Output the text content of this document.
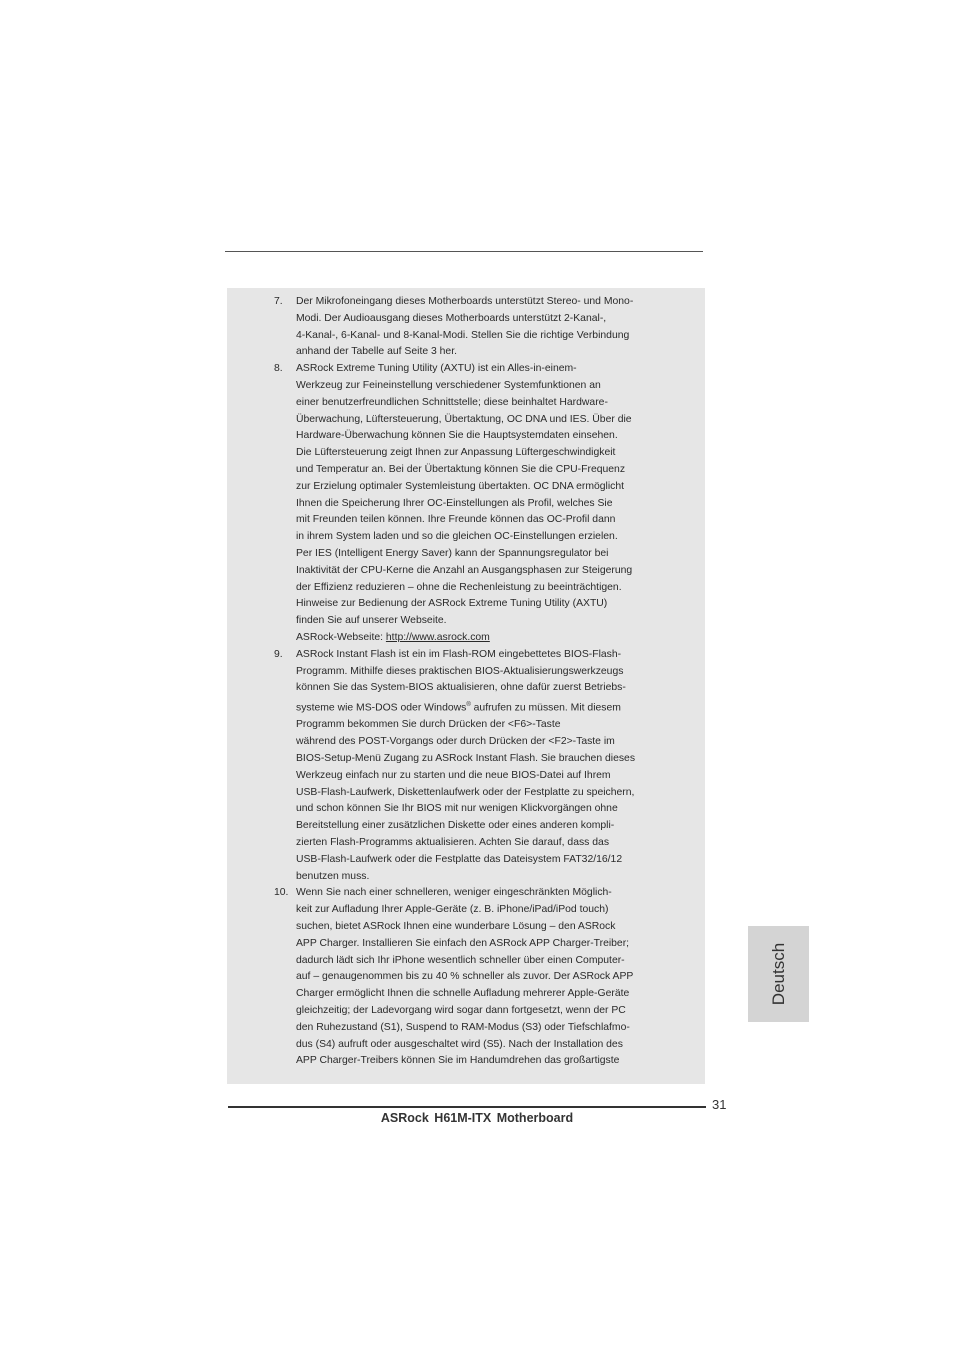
7.	Der Mikrofoneingang dieses Motherboards unterstützt Stereo- und Mono-
Modi. Der Audioausgang dieses Motherboards unterstützt 2-Kanal-,
4-Kanal-, 6-Kanal- und 8-Kanal-Modi. Stellen Sie die richtige Verbindung
anhand der Tabelle auf Seite 3 her.
8.	ASRock Extreme Tuning Utility (AXTU) ist ein Alles-in-einem-
Werkzeug zur Feineinstellung verschiedener Systemfunktionen an
einer benutzerfreundlichen Schnittstelle; diese beinhaltet Hardware-
Überwachung, Lüftersteuerung, Übertaktung, OC DNA und IES. Über die
Hardware-Überwachung können Sie die Hauptsystemdaten einsehen.
Die Lüftersteuerung zeigt Ihnen zur Anpassung Lüftergeschwindigkeit
und Temperatur an. Bei der Übertaktung können Sie die CPU-Frequenz
zur Erzielung optimaler Systemleistung übertakten. OC DNA ermöglicht
Ihnen die Speicherung Ihrer OC-Einstellungen als Profil, welches Sie
mit Freunden teilen können. Ihre Freunde können das OC-Profil dann
in ihrem System laden und so die gleichen OC-Einstellungen erzielen.
Per IES (Intelligent Energy Saver) kann der Spannungsregulator bei
Inaktivität der CPU-Kerne die Anzahl an Ausgangsphasen zur Steigerung
der Effizienz reduzieren – ohne die Rechenleistung zu beeinträchtigen.
Hinweise zur Bedienung der ASRock Extreme Tuning Utility (AXTU)
finden Sie auf unserer Webseite.
ASRock-Webseite: http://www.asrock.com
9.	ASRock Instant Flash ist ein im Flash-ROM eingebettetes BIOS-Flash-
Programm. Mithilfe dieses praktischen BIOS-Aktualisierungswerkzeugs
können Sie das System-BIOS aktualisieren, ohne dafür zuerst Betriebs-
systeme wie MS-DOS oder Windows® aufrufen zu müssen. Mit diesem
Programm bekommen Sie durch Drücken der <F6>-Taste
während des POST-Vorgangs oder durch Drücken der <F2>-Taste im
BIOS-Setup-Menü Zugang zu ASRock Instant Flash. Sie brauchen dieses
Werkzeug einfach nur zu starten und die neue BIOS-Datei auf Ihrem
USB-Flash-Laufwerk, Diskettenlaufwerk oder der Festplatte zu speichern,
und schon können Sie Ihr BIOS mit nur wenigen Klickvorgängen ohne
Bereitstellung einer zusätzlichen Diskette oder eines anderen kompli-
zierten Flash-Programms aktualisieren. Achten Sie darauf, dass das
USB-Flash-Laufwerk oder die Festplatte das Dateisystem FAT32/16/12
benutzen muss.
10. Wenn Sie nach einer schnelleren, weniger eingeschränkten Möglich-
keit zur Aufladung Ihrer Apple-Geräte (z. B. iPhone/iPad/iPod touch)
suchen, bietet ASRock Ihnen eine wunderbare Lösung – den ASRock
APP Charger. Installieren Sie einfach den ASRock APP Charger-Treiber;
dadurch lädt sich Ihr iPhone wesentlich schneller über einen Computer-
auf – genaugenommen bis zu 40 % schneller als zuvor. Der ASRock APP
Charger ermöglicht Ihnen die schnelle Aufladung mehrerer Apple-Geräte
gleichzeitig; der Ladevorgang wird sogar dann fortgesetzt, wenn der PC
den Ruhezustand (S1), Suspend to RAM-Modus (S3) oder Tiefschlafmo-
dus (S4) aufruft oder ausgeschaltet wird (S5). Nach der Installation des
APP Charger-Treibers können Sie im Handumdrehen das großartigste
Deutsch
31
ASRock H61M-ITX Motherboard
